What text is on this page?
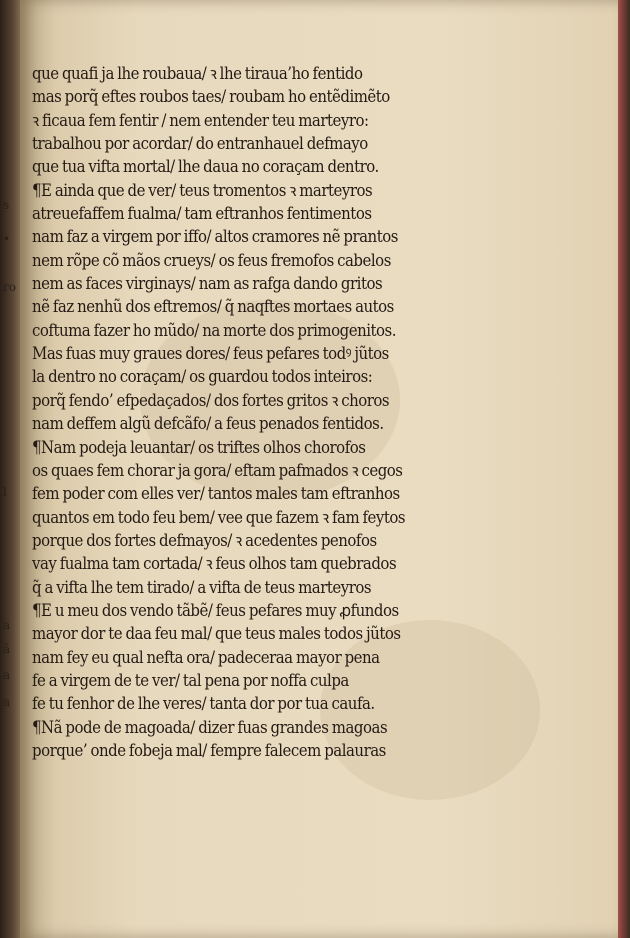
s
•
ro
l
a
ã
a
a
que quafi ja lhe roubaua/ ꝛ lhe tiraua’ho fentido
mas porq̃ eftes roubos taes/ roubam ho entẽdimẽto
ꝛ ficaua fem fentir / nem entender teu marteyro:
trabalhou por acordar/ do entranhauel defmayo
que tua vifta mortal/ lhe daua no coraçam dentro.
¶E ainda que de ver/ teus tromentos ꝛ marteyros
atreuefaffem fualma/ tam eftranhos fentimentos
nam faz a virgem por iffo/ altos cramores nẽ prantos
nem rõpe cõ mãos crueys/ os feus fremofos cabelos
nem as faces virginays/ nam as rafga dando gritos
nẽ faz nenhũ dos eftremos/ q̃ naqftes mortaes autos
coftuma fazer ho mũdo/ na morte dos primogenitos.
Mas fuas muy graues dores/ feus pefares todꝰ jũtos
la dentro no coraçam/ os guardou todos inteiros:
porq̃ fendo’ efpedaçados/ dos fortes gritos ꝛ choros
nam deffem algũ defcãfo/ a feus penados fentidos.
¶Nam podeja leuantar/ os triftes olhos chorofos
os quaes fem chorar ja gora/ eftam pafmados ꝛ cegos
fem poder com elles ver/ tantos males tam eftranhos
quantos em todo feu bem/ vee que fazem ꝛ fam feytos
porque dos fortes defmayos/ ꝛ acedentes penofos
vay fualma tam cortada/ ꝛ feus olhos tam quebrados
q̃ a vifta lhe tem tirado/ a vifta de teus marteyros
¶E u meu dos vendo tãbẽ/ feus pefares muy ꝓfundos
mayor dor te daa feu mal/ que teus males todos jũtos
nam fey eu qual nefta ora/ padeceraa mayor pena
fe a virgem de te ver/ tal pena por noffa culpa
fe tu fenhor de lhe veres/ tanta dor por tua caufa.
¶Nã pode de magoada/ dizer fuas grandes magoas
porque’ onde fobeja mal/ fempre falecem palauras
